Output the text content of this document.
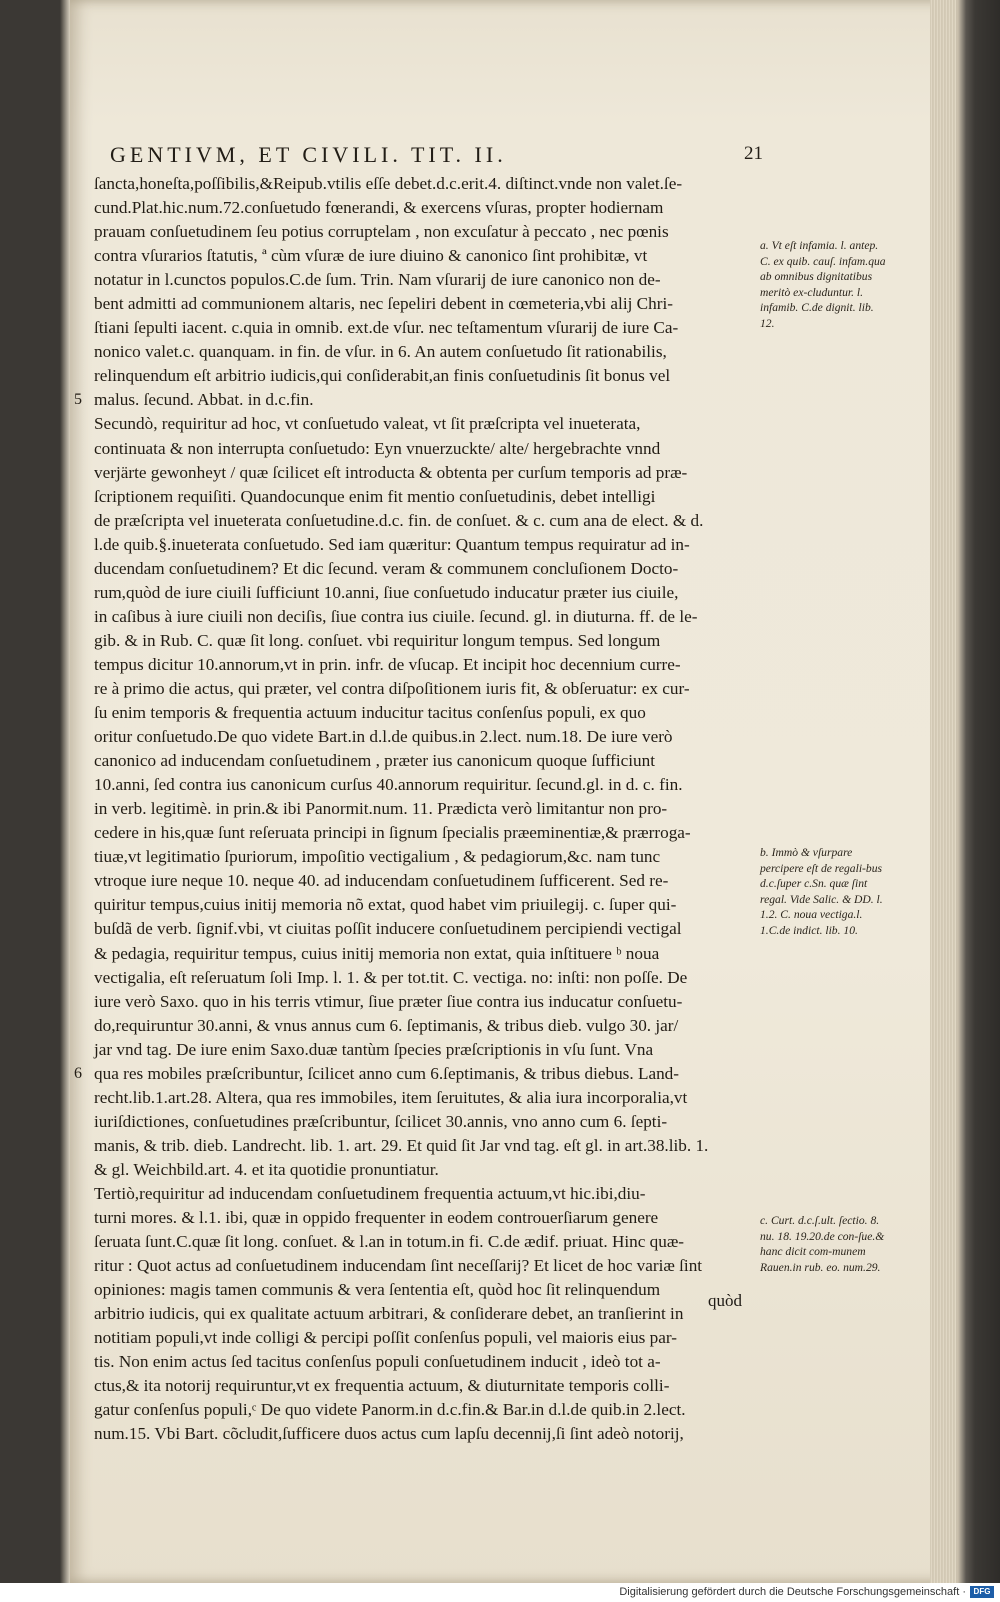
GENTIVM, ET CIVILI. TIT. II.	21
5
6
ſancta,honeſta,poſſibilis,&Reipub.vtilis eſſe debet.d.c.erit.4. diſtinct.vnde non valet.ſe-
cund.Plat.hic.num.72.conſuetudo fœnerandi, & exercens vſuras, propter hodiernam
prauam conſuetudinem ſeu potius corruptelam , non excuſatur à peccato , nec pœnis
contra vſurarios ſtatutis, ª cùm vſuræ de iure diuino & canonico ſint prohibitæ, vt
notatur in l.cunctos populos.C.de ſum. Trin. Nam vſurarij de iure canonico non de-
bent admitti ad communionem altaris, nec ſepeliri debent in cœmeteria,vbi alij Chri-
ſtiani ſepulti iacent. c.quia in omnib. ext.de vſur. nec teſtamentum vſurarij de iure Ca-
nonico valet.c. quanquam. in fin. de vſur. in 6. An autem conſuetudo ſit rationabilis,
relinquendum eſt arbitrio iudicis,qui conſiderabit,an finis conſuetudinis ſit bonus vel
malus. ſecund. Abbat. in d.c.fin.
Secundò, requiritur ad hoc, vt conſuetudo valeat, vt ſit præſcripta vel inueterata,
continuata & non interrupta conſuetudo: Eyn vnuerzuckte/ alte/ hergebrachte vnnd
verjärte gewonheyt / quæ ſcilicet eſt introducta & obtenta per curſum temporis ad præ-
ſcriptionem requiſiti. Quandocunque enim fit mentio conſuetudinis, debet intelligi
de præſcripta vel inueterata conſuetudine.d.c. fin. de conſuet. & c. cum ana de elect. & d.
l.de quib.§.inueterata conſuetudo. Sed iam quæritur: Quantum tempus requiratur ad in-
ducendam conſuetudinem? Et dic ſecund. veram & communem concluſionem Docto-
rum,quòd de iure ciuili ſufficiunt 10.anni, ſiue conſuetudo inducatur præter ius ciuile,
in caſibus à iure ciuili non deciſis, ſiue contra ius ciuile. ſecund. gl. in diuturna. ff. de le-
gib. & in Rub. C. quæ ſit long. conſuet. vbi requiritur longum tempus. Sed longum
tempus dicitur 10.annorum,vt in prin. infr. de vſucap. Et incipit hoc decennium curre-
re à primo die actus, qui præter, vel contra diſpoſitionem iuris fit, & obſeruatur: ex cur-
ſu enim temporis & frequentia actuum inducitur tacitus conſenſus populi, ex quo
oritur conſuetudo.De quo videte Bart.in d.l.de quibus.in 2.lect. num.18. De iure verò
canonico ad inducendam conſuetudinem , præter ius canonicum quoque ſufficiunt
10.anni, ſed contra ius canonicum curſus 40.annorum requiritur. ſecund.gl. in d. c. fin.
in verb. legitimè. in prin.& ibi Panormit.num. 11. Prædicta verò limitantur non pro-
cedere in his,quæ ſunt reſeruata principi in ſignum ſpecialis præeminentiæ,& prærroga-
tiuæ,vt legitimatio ſpuriorum, impoſitio vectigalium , & pedagiorum,&c. nam tunc
vtroque iure neque 10. neque 40. ad inducendam conſuetudinem ſufficerent. Sed re-
quiritur tempus,cuius initij memoria nõ extat, quod habet vim priuilegij. c. ſuper qui-
buſdã de verb. ſignif.vbi, vt ciuitas poſſit inducere conſuetudinem percipiendi vectigal
& pedagia, requiritur tempus, cuius initij memoria non extat, quia inſtituere ᵇ noua
vectigalia, eſt reſeruatum ſoli Imp. l. 1. & per tot.tit. C. vectiga. no: inſti: non poſſe. De
iure verò Saxo. quo in his terris vtimur, ſiue præter ſiue contra ius inducatur conſuetu-
do,requiruntur 30.anni, & vnus annus cum 6. ſeptimanis, & tribus dieb. vulgo 30. jar/
jar vnd tag. De iure enim Saxo.duæ tantùm ſpecies præſcriptionis in vſu ſunt. Vna
qua res mobiles præſcribuntur, ſcilicet anno cum 6.ſeptimanis, & tribus diebus. Land-
recht.lib.1.art.28. Altera, qua res immobiles, item ſeruitutes, & alia iura incorporalia,vt
iuriſdictiones, conſuetudines præſcribuntur, ſcilicet 30.annis, vno anno cum 6. ſepti-
manis, & trib. dieb. Landrecht. lib. 1. art. 29. Et quid ſit Jar vnd tag. eſt gl. in art.38.lib. 1.
& gl. Weichbild.art. 4. et ita quotidie pronuntiatur.
Tertiò,requiritur ad inducendam conſuetudinem frequentia actuum,vt hic.ibi,diu-
turni mores. & l.1. ibi, quæ in oppido frequenter in eodem controuerſiarum genere
ſeruata ſunt.C.quæ ſit long. conſuet. & l.an in totum.in fi. C.de ædif. priuat. Hinc quæ-
ritur : Quot actus ad conſuetudinem inducendam ſint neceſſarij? Et licet de hoc variæ ſint
opiniones: magis tamen communis & vera ſententia eſt, quòd hoc ſit relinquendum
arbitrio iudicis, qui ex qualitate actuum arbitrari, & conſiderare debet, an tranſierint in
notitiam populi,vt inde colligi & percipi poſſit conſenſus populi, vel maioris eius par-
tis. Non enim actus ſed tacitus conſenſus populi conſuetudinem inducit , ideò tot a-
ctus,& ita notorij requiruntur,vt ex frequentia actuum, & diuturnitate temporis colli-
gatur conſenſus populi,ᶜ De quo videte Panorm.in d.c.fin.& Bar.in d.l.de quib.in 2.lect.
num.15. Vbi Bart. cõcludit,ſufficere duos actus cum lapſu decennij,ſi ſint adeò notorij,
a. Vt eſt infamia. l. antep. C. ex quib. cauſ. infam.qua ab omnibus dignitatibus meritò ex-cluduntur. l. infamib. C.de dignit. lib. 12.
b. Immò & vſurpare percipere eſt de regali-bus d.c.ſuper c.Sn. quæ ſint regal. Vide Salic. & DD. l. 1.2. C. noua vectiga.l. 1.C.de indict. lib. 10.
c. Curt. d.c.ſ.ult. ſectio. 8. nu. 18. 19.20.de con-ſue.& hanc dicit com-munem Rauen.in rub. eo. num.29.
quòd
Digitalisierung gefördert durch die Deutsche Forschungsgemeinschaft · DFG
